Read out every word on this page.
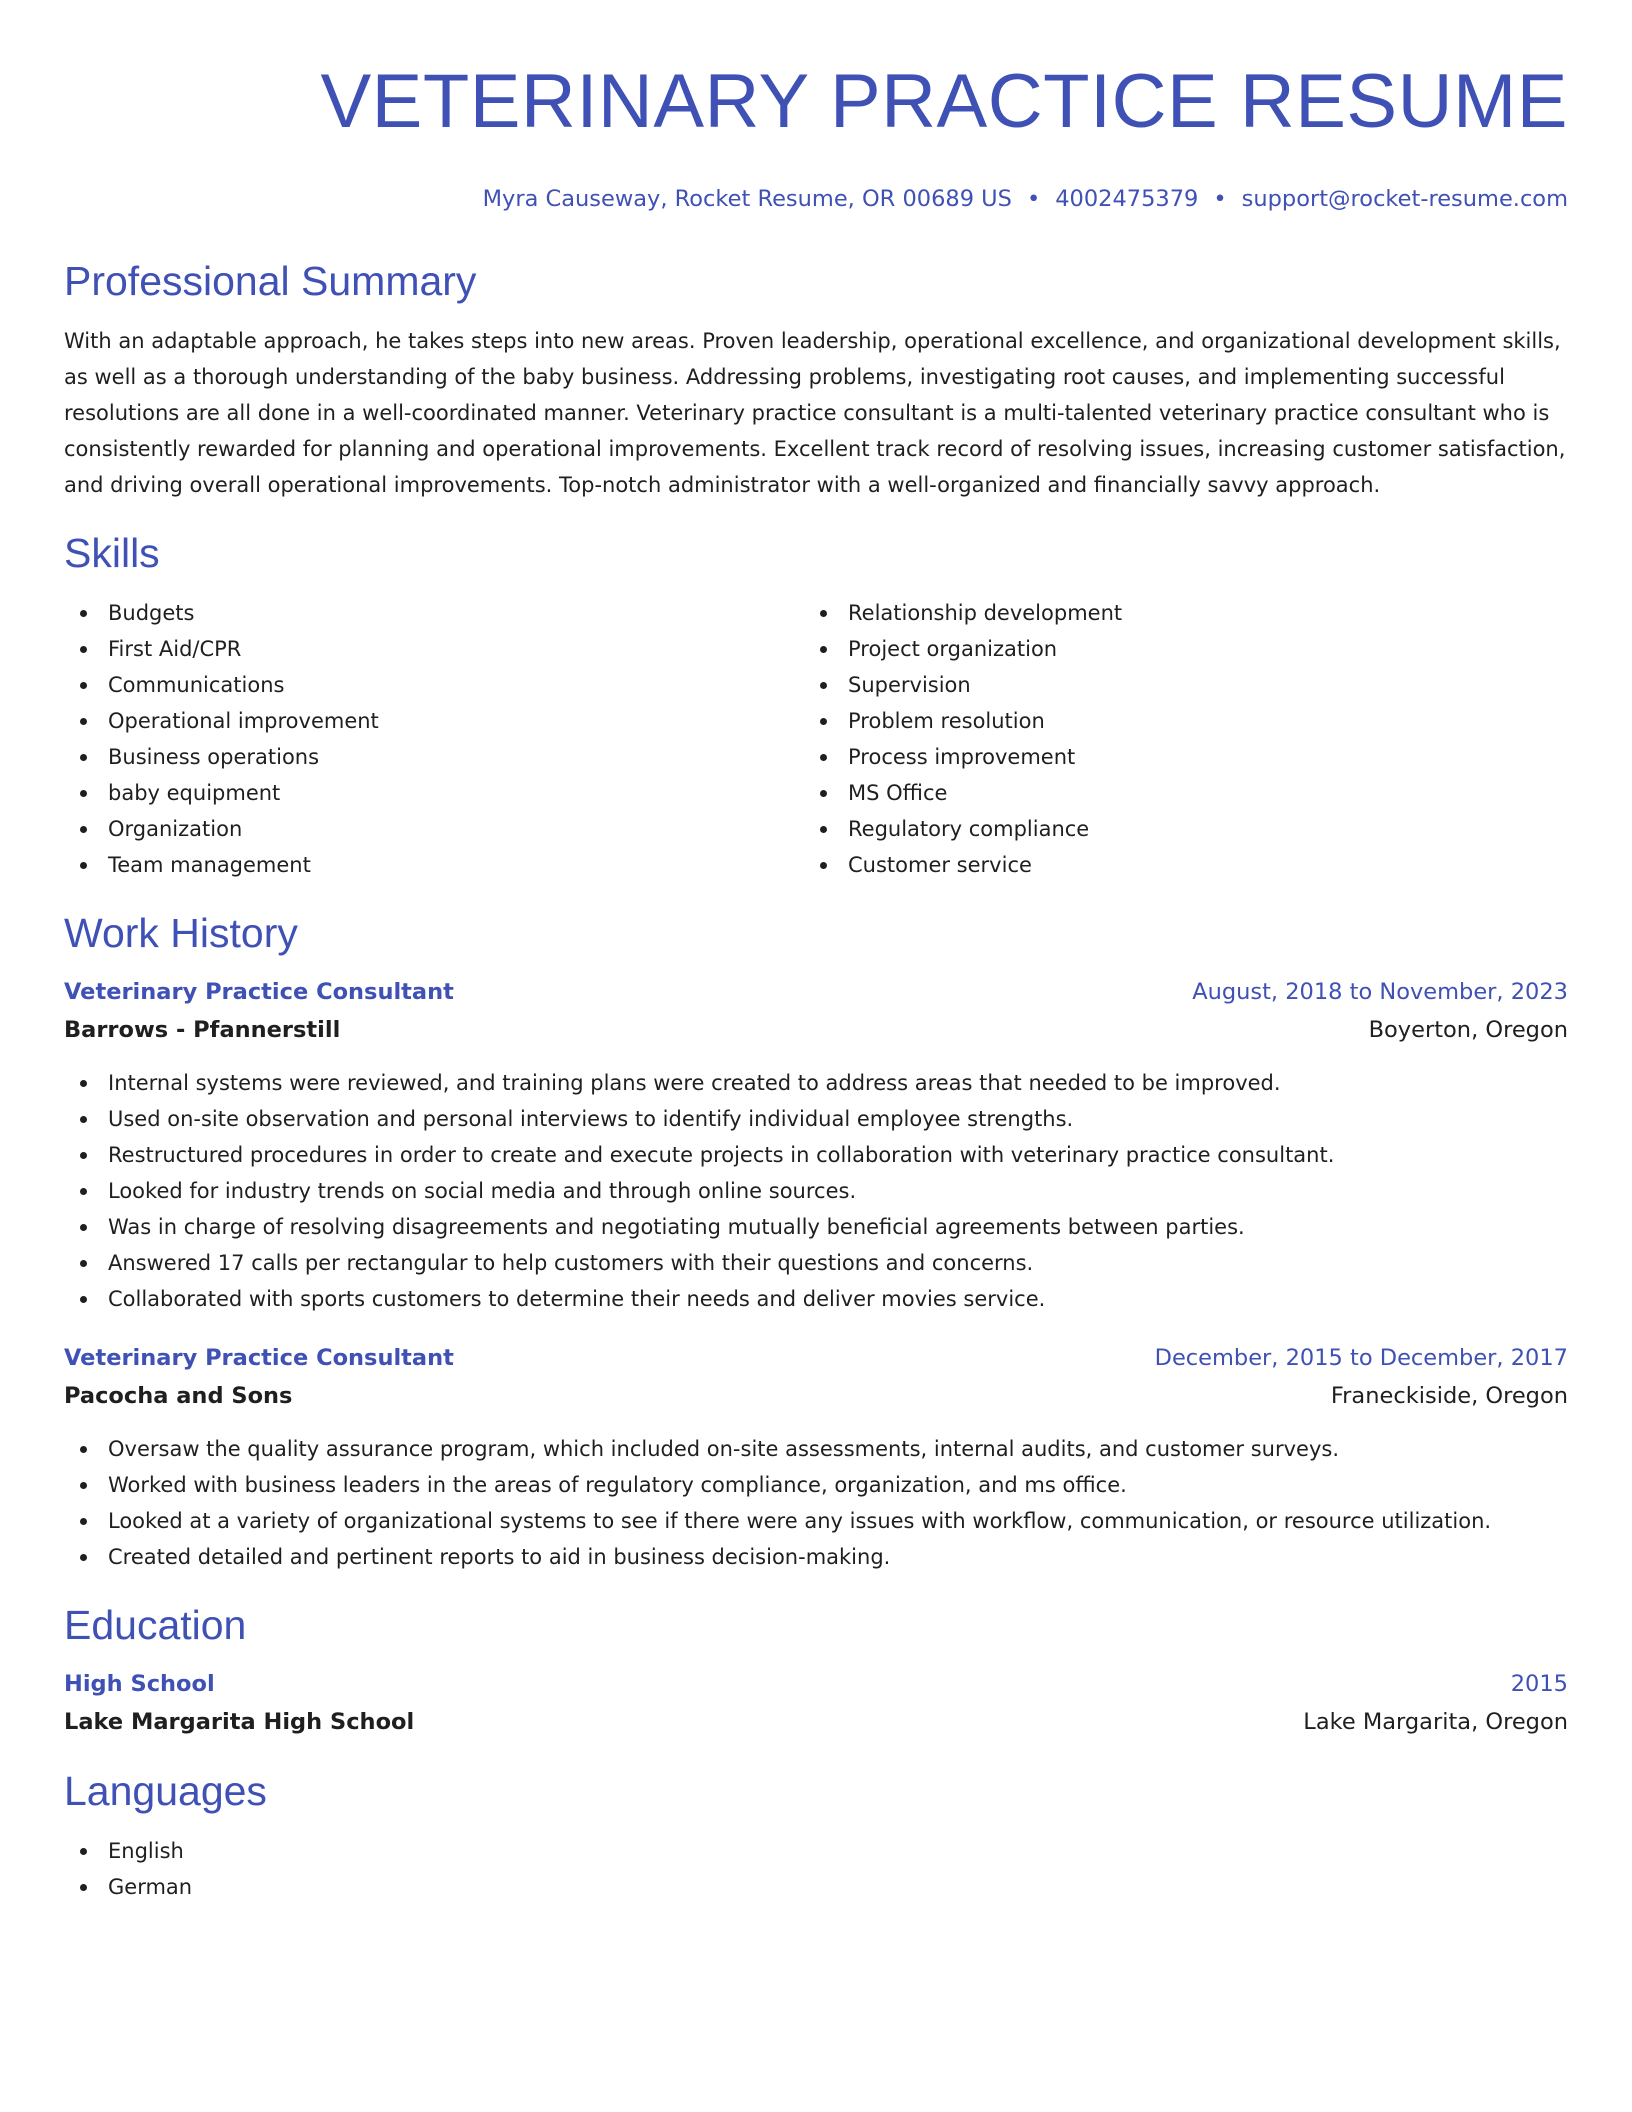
VETERINARY PRACTICE RESUME
Myra Causeway, Rocket Resume, OR 00689 US • 4002475379 • support@rocket-resume.com
Professional Summary

With an adaptable approach, he takes steps into new areas. Proven leadership, operational excellence, and organizational development skills, as well as a thorough understanding of the baby business. Addressing problems, investigating root causes, and implementing successful resolutions are all done in a well-coordinated manner. Veterinary practice consultant is a multi-talented veterinary practice consultant who is consistently rewarded for planning and operational improvements. Excellent track record of resolving issues, increasing customer satisfaction, and driving overall operational improvements. Top-notch administrator with a well-organized and financially savvy approach.

Skills
Budgets
First Aid/CPR
Communications
Operational improvement
Business operations
baby equipment
Organization
Team management
Relationship development
Project organization
Supervision
Problem resolution
Process improvement
MS Office
Regulatory compliance
Customer service
Work History
Veterinary Practice Consultant	August, 2018 to November, 2023
Barrows - Pfannerstill	Boyerton, Oregon
Internal systems were reviewed, and training plans were created to address areas that needed to be improved.
Used on-site observation and personal interviews to identify individual employee strengths.
Restructured procedures in order to create and execute projects in collaboration with veterinary practice consultant.
Looked for industry trends on social media and through online sources.
Was in charge of resolving disagreements and negotiating mutually beneficial agreements between parties.
Answered 17 calls per rectangular to help customers with their questions and concerns.
Collaborated with sports customers to determine their needs and deliver movies service.
Veterinary Practice Consultant	December, 2015 to December, 2017
Pacocha and Sons	Franeckiside, Oregon
Oversaw the quality assurance program, which included on-site assessments, internal audits, and customer surveys.
Worked with business leaders in the areas of regulatory compliance, organization, and ms office.
Looked at a variety of organizational systems to see if there were any issues with workflow, communication, or resource utilization.
Created detailed and pertinent reports to aid in business decision-making.
Education
High School	2015
Lake Margarita High School	Lake Margarita, Oregon
Languages
English
German
